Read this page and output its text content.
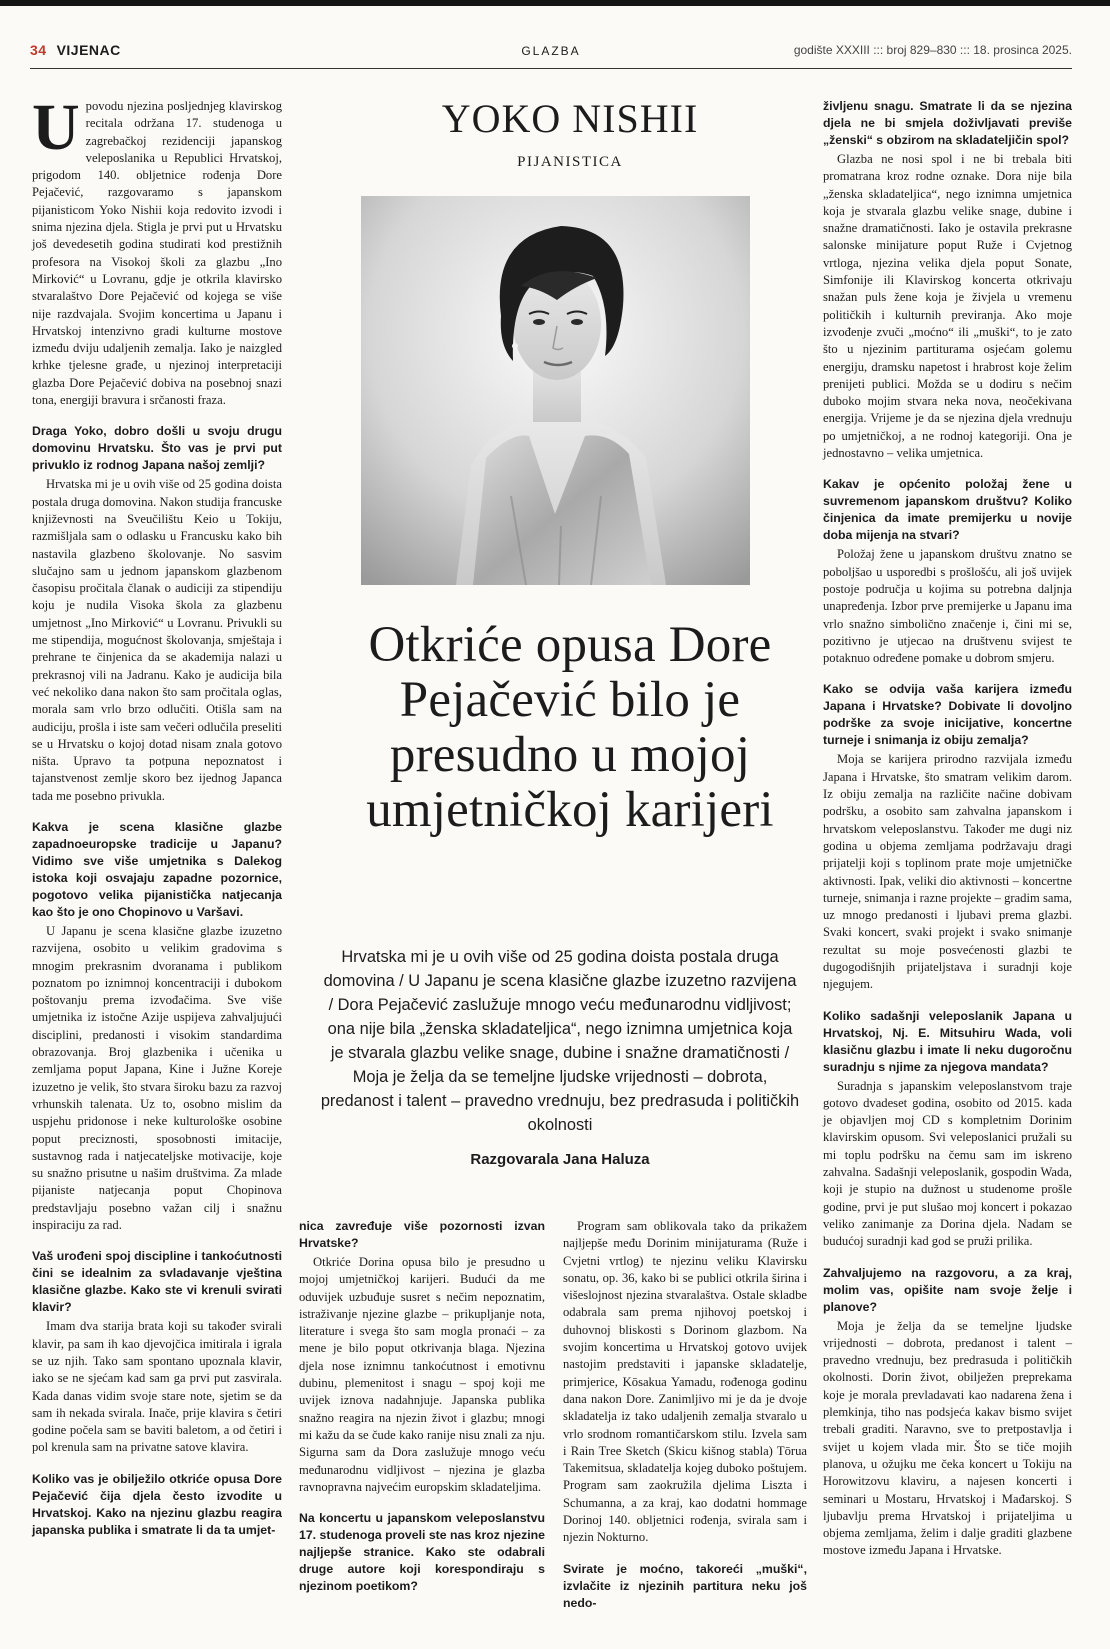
34 VIJENAC	GLAZBA	godište XXXIII ::: broj 829–830 ::: 18. prosinca 2025.

Upovodu njezina posljednjeg klavirskog recitala održana 17. studenoga u zagrebačkoj rezidenciji japanskog veleposlanika u Republici Hrvatskoj, prigodom 140. obljetnice rođenja Dore Pejačević, razgovaramo s japanskom pijanisticom Yoko Nishii koja redovito izvodi i snima njezina djela. Stigla je prvi put u Hrvatsku još devedesetih godina studirati kod prestižnih profesora na Visokoj školi za glazbu „Ino Mirković“ u Lovranu, gdje je otkrila klavirsko stvaralaštvo Dore Pejačević od kojega se više nije razdvajala. Svojim koncertima u Japanu i Hrvatskoj intenzivno gradi kulturne mostove između dviju udaljenih zemalja. Iako je naizgled krhke tjelesne građe, u njezinoj interpretaciji glazba Dore Pejačević dobiva na posebnoj snazi tona, energiji bravura i srčanosti fraza.

Draga Yoko, dobro došli u svoju drugu domovinu Hrvatsku. Što vas je prvi put privuklo iz rodnog Japana našoj zemlji?

Hrvatska mi je u ovih više od 25 godina doista postala druga domovina. Nakon studija francuske književnosti na Sveučilištu Keio u Tokiju, razmišljala sam o odlasku u Francusku kako bih nastavila glazbeno školovanje. No sasvim slučajno sam u jednom japanskom glazbenom časopisu pročitala članak o audiciji za stipendiju koju je nudila Visoka škola za glazbenu umjetnost „Ino Mirković“ u Lovranu. Privukli su me stipendija, mogućnost školovanja, smještaja i prehrane te činjenica da se akademija nalazi u prekrasnoj vili na Jadranu. Kako je audicija bila već nekoliko dana nakon što sam pročitala oglas, morala sam vrlo brzo odlučiti. Otišla sam na audiciju, prošla i iste sam večeri odlučila preseliti se u Hrvatsku o kojoj dotad nisam znala gotovo ništa. Upravo ta potpuna nepoznatost i tajanstvenost zemlje skoro bez ijednog Japanca tada me posebno privukla.

Kakva je scena klasične glazbe zapadnoeuropske tradicije u Japanu? Vidimo sve više umjetnika s Dalekog istoka koji osvajaju zapadne pozornice, pogotovo velika pijanistička natjecanja kao što je ono Chopinovo u Varšavi.

U Japanu je scena klasične glazbe izuzetno razvijena, osobito u velikim gradovima s mnogim prekrasnim dvoranama i publikom poznatom po iznimnoj koncentraciji i dubokom poštovanju prema izvođačima. Sve više umjetnika iz istočne Azije uspijeva zahvaljujući disciplini, predanosti i visokim standardima obrazovanja. Broj glazbenika i učenika u zemljama poput Japana, Kine i Južne Koreje izuzetno je velik, što stvara široku bazu za razvoj vrhunskih talenata. Uz to, osobno mislim da uspjehu pridonose i neke kulturološke osobine poput preciznosti, sposobnosti imitacije, sustavnog rada i natjecateljske motivacije, koje su snažno prisutne u našim društvima. Za mlade pijaniste natjecanja poput Chopinova predstavljaju posebno važan cilj i snažnu inspiraciju za rad.

Vaš urođeni spoj discipline i tankoćutnosti čini se idealnim za svladavanje vještina klasične glazbe. Kako ste vi krenuli svirati klavir?

Imam dva starija brata koji su također svirali klavir, pa sam ih kao djevojčica imitirala i igrala se uz njih. Tako sam spontano upoznala klavir, iako se ne sjećam kad sam ga prvi put zasvirala. Kada danas vidim svoje stare note, sjetim se da sam ih nekada svirala. Inače, prije klavira s četiri godine počela sam se baviti baletom, a od četiri i pol krenula sam na privatne satove klavira.

Koliko vas je obilježilo otkriće opusa Dore Pejačević čija djela često izvodite u Hrvatskoj. Kako na njezinu glazbu reagira japanska publika i smatrate li da ta umjet-

YOKO NISHII
PIJANISTICA
Otkriće opusa Dore Pejačević bilo je presudno u mojoj umjetničkoj karijeri
Hrvatska mi je u ovih više od 25 godina doista postala druga domovina / U Japanu je scena klasične glazbe izuzetno razvijena / Dora Pejačević zaslužuje mnogo veću međunarodnu vidljivost; ona nije bila „ženska skladateljica“, nego iznimna umjetnica koja je stvarala glazbu velike snage, dubine i snažne dramatičnosti / Moja je želja da se temeljne ljudske vrijednosti – dobrota, predanost i talent – pravedno vrednuju, bez predrasuda i političkih okolnosti
Razgovarala Jana Haluza

nica zavređuje više pozornosti izvan Hrvatske?

Otkriće Dorina opusa bilo je presudno u mojoj umjetničkoj karijeri. Budući da me oduvijek uzbuđuje susret s nečim nepoznatim, istraživanje njezine glazbe – prikupljanje nota, literature i svega što sam mogla pronaći – za mene je bilo poput otkrivanja blaga. Njezina djela nose iznimnu tankoćutnost i emotivnu dubinu, plemenitost i snagu – spoj koji me uvijek iznova nadahnjuje. Japanska publika snažno reagira na njezin život i glazbu; mnogi mi kažu da se čude kako ranije nisu znali za nju. Sigurna sam da Dora zaslužuje mnogo veću međunarodnu vidljivost – njezina je glazba ravnopravna najvećim europskim skladateljima.

Na koncertu u japanskom veleposlanstvu 17. studenoga proveli ste nas kroz njezine najljepše stranice. Kako ste odabrali druge autore koji korespondiraju s njezinom poetikom?

Program sam oblikovala tako da prikažem najljepše među Dorinim minijaturama (Ruže i Cvjetni vrtlog) te njezinu veliku Klavirsku sonatu, op. 36, kako bi se publici otkrila širina i višeslojnost njezina stvaralaštva. Ostale skladbe odabrala sam prema njihovoj poetskoj i duhovnoj bliskosti s Dorinom glazbom. Na svojim koncertima u Hrvatskoj gotovo uvijek nastojim predstaviti i japanske skladatelje, primjerice, Kōsakua Yamadu, rođenoga godinu dana nakon Dore. Zanimljivo mi je da je dvoje skladatelja iz tako udaljenih zemalja stvaralo u vrlo srodnom romantičarskom stilu. Izvela sam i Rain Tree Sketch (Skicu kišnog stabla) Tōrua Takemitsua, skladatelja kojeg duboko poštujem. Program sam zaokružila djelima Liszta i Schumanna, a za kraj, kao dodatni hommage Dorinoj 140. obljetnici rođenja, svirala sam i njezin Nokturno.

Svirate je moćno, takoreći „muški“, izvlačite iz njezinih partitura neku još nedo-

življenu snagu. Smatrate li da se njezina djela ne bi smjela doživljavati previše „ženski“ s obzirom na skladateljičin spol?

Glazba ne nosi spol i ne bi trebala biti promatrana kroz rodne oznake. Dora nije bila „ženska skladateljica“, nego iznimna umjetnica koja je stvarala glazbu velike snage, dubine i snažne dramatičnosti. Iako je ostavila prekrasne salonske minijature poput Ruže i Cvjetnog vrtloga, njezina velika djela poput Sonate, Simfonije ili Klavirskog koncerta otkrivaju snažan puls žene koja je živjela u vremenu političkih i kulturnih previranja. Ako moje izvođenje zvuči „moćno“ ili „muški“, to je zato što u njezinim partiturama osjećam golemu energiju, dramsku napetost i hrabrost koje želim prenijeti publici. Možda se u dodiru s nečim duboko mojim stvara neka nova, neočekivana energija. Vrijeme je da se njezina djela vrednuju po umjetničkoj, a ne rodnoj kategoriji. Ona je jednostavno – velika umjetnica.

Kakav je općenito položaj žene u suvremenom japanskom društvu? Koliko činjenica da imate premijerku u novije doba mijenja na stvari?

Položaj žene u japanskom društvu znatno se poboljšao u usporedbi s prošlošću, ali još uvijek postoje područja u kojima su potrebna daljnja unapređenja. Izbor prve premijerke u Japanu ima vrlo snažno simbolično značenje i, čini mi se, pozitivno je utjecao na društvenu svijest te potaknuo određene pomake u dobrom smjeru.

Kako se odvija vaša karijera između Japana i Hrvatske? Dobivate li dovoljno podrške za svoje inicijative, koncertne turneje i snimanja iz obiju zemalja?

Moja se karijera prirodno razvijala između Japana i Hrvatske, što smatram velikim darom. Iz obiju zemalja na različite načine dobivam podršku, a osobito sam zahvalna japanskom i hrvatskom veleposlanstvu. Također me dugi niz godina u objema zemljama podržavaju dragi prijatelji koji s toplinom prate moje umjetničke aktivnosti. Ipak, veliki dio aktivnosti – koncertne turneje, snimanja i razne projekte – gradim sama, uz mnogo predanosti i ljubavi prema glazbi. Svaki koncert, svaki projekt i svako snimanje rezultat su moje posvećenosti glazbi te dugogodišnjih prijateljstava i suradnji koje njegujem.

Koliko sadašnji veleposlanik Japana u Hrvatskoj, Nj. E. Mitsuhiru Wada, voli klasičnu glazbu i imate li neku dugoročnu suradnju s njime za njegova mandata?

Suradnja s japanskim veleposlanstvom traje gotovo dvadeset godina, osobito od 2015. kada je objavljen moj CD s kompletnim Dorinim klavirskim opusom. Svi veleposlanici pružali su mi toplu podršku na čemu sam im iskreno zahvalna. Sadašnji veleposlanik, gospodin Wada, koji je stupio na dužnost u studenome prošle godine, prvi je put slušao moj koncert i pokazao veliko zanimanje za Dorina djela. Nadam se budućoj suradnji kad god se pruži prilika.

Zahvaljujemo na razgovoru, a za kraj, molim vas, opišite nam svoje želje i planove?

Moja je želja da se temeljne ljudske vrijednosti – dobrota, predanost i talent – pravedno vrednuju, bez predrasuda i političkih okolnosti. Dorin život, obilježen preprekama koje je morala prevladavati kao nadarena žena i plemkinja, tiho nas podsjeća kakav bismo svijet trebali graditi. Naravno, sve to pretpostavlja i svijet u kojem vlada mir. Što se tiče mojih planova, u ožujku me čeka koncert u Tokiju na Horowitzovu klaviru, a najesen koncerti i seminari u Mostaru, Hrvatskoj i Mađarskoj. S ljubavlju prema Hrvatskoj i prijateljima u objema zemljama, želim i dalje graditi glazbene mostove između Japana i Hrvatske.
